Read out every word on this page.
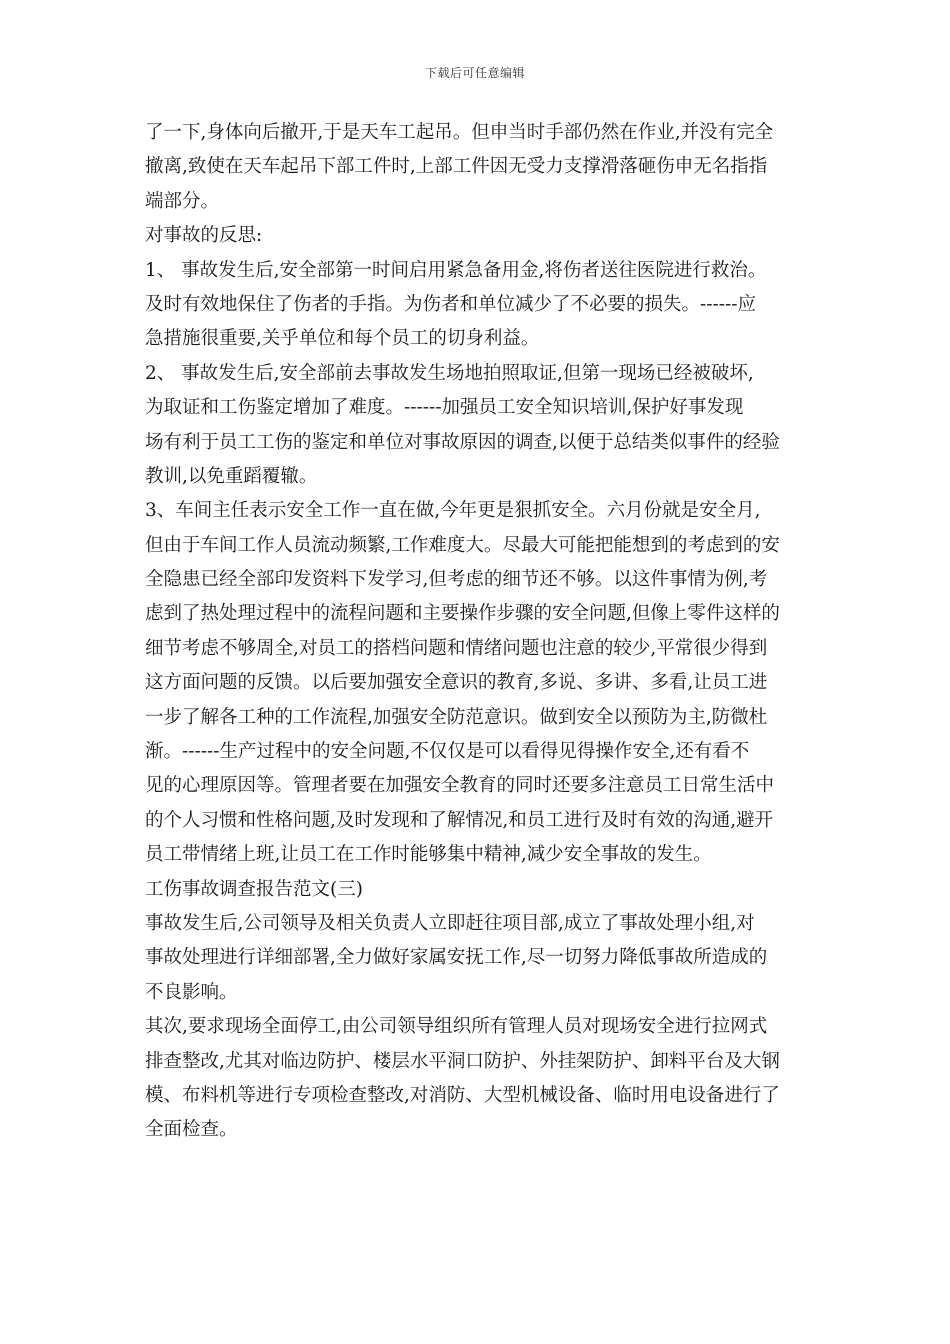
下载后可任意编辑
了一下,身体向后撤开,于是天车工起吊。但申当时手部仍然在作业,并没有完全
撤离,致使在天车起吊下部工件时,上部工件因无受力支撑滑落砸伤申无名指指
端部分。
对事故的反思:
1、 事故发生后,安全部第一时间启用紧急备用金,将伤者送往医院进行救治。
及时有效地保住了伤者的手指。为伤者和单位减少了不必要的损失。------应
急措施很重要,关乎单位和每个员工的切身利益。
2、 事故发生后,安全部前去事故发生场地拍照取证,但第一现场已经被破坏,
为取证和工伤鉴定增加了难度。------加强员工安全知识培训,保护好事发现
场有利于员工工伤的鉴定和单位对事故原因的调查,以便于总结类似事件的经验
教训,以免重蹈覆辙。
3、车间主任表示安全工作一直在做,今年更是狠抓安全。六月份就是安全月,
但由于车间工作人员流动频繁,工作难度大。尽最大可能把能想到的考虑到的安
全隐患已经全部印发资料下发学习,但考虑的细节还不够。以这件事情为例,考
虑到了热处理过程中的流程问题和主要操作步骤的安全问题,但像上零件这样的
细节考虑不够周全,对员工的搭档问题和情绪问题也注意的较少,平常很少得到
这方面问题的反馈。以后要加强安全意识的教育,多说、多讲、多看,让员工进
一步了解各工种的工作流程,加强安全防范意识。做到安全以预防为主,防微杜
渐。------生产过程中的安全问题,不仅仅是可以看得见得操作安全,还有看不
见的心理原因等。管理者要在加强安全教育的同时还要多注意员工日常生活中
的个人习惯和性格问题,及时发现和了解情况,和员工进行及时有效的沟通,避开
员工带情绪上班,让员工在工作时能够集中精神,减少安全事故的发生。
工伤事故调查报告范文(三)
事故发生后,公司领导及相关负责人立即赶往项目部,成立了事故处理小组,对
事故处理进行详细部署,全力做好家属安抚工作,尽一切努力降低事故所造成的
不良影响。
其次,要求现场全面停工,由公司领导组织所有管理人员对现场安全进行拉网式
排查整改,尤其对临边防护、楼层水平洞口防护、外挂架防护、卸料平台及大钢
模、布料机等进行专项检查整改,对消防、大型机械设备、临时用电设备进行了
全面检查。
